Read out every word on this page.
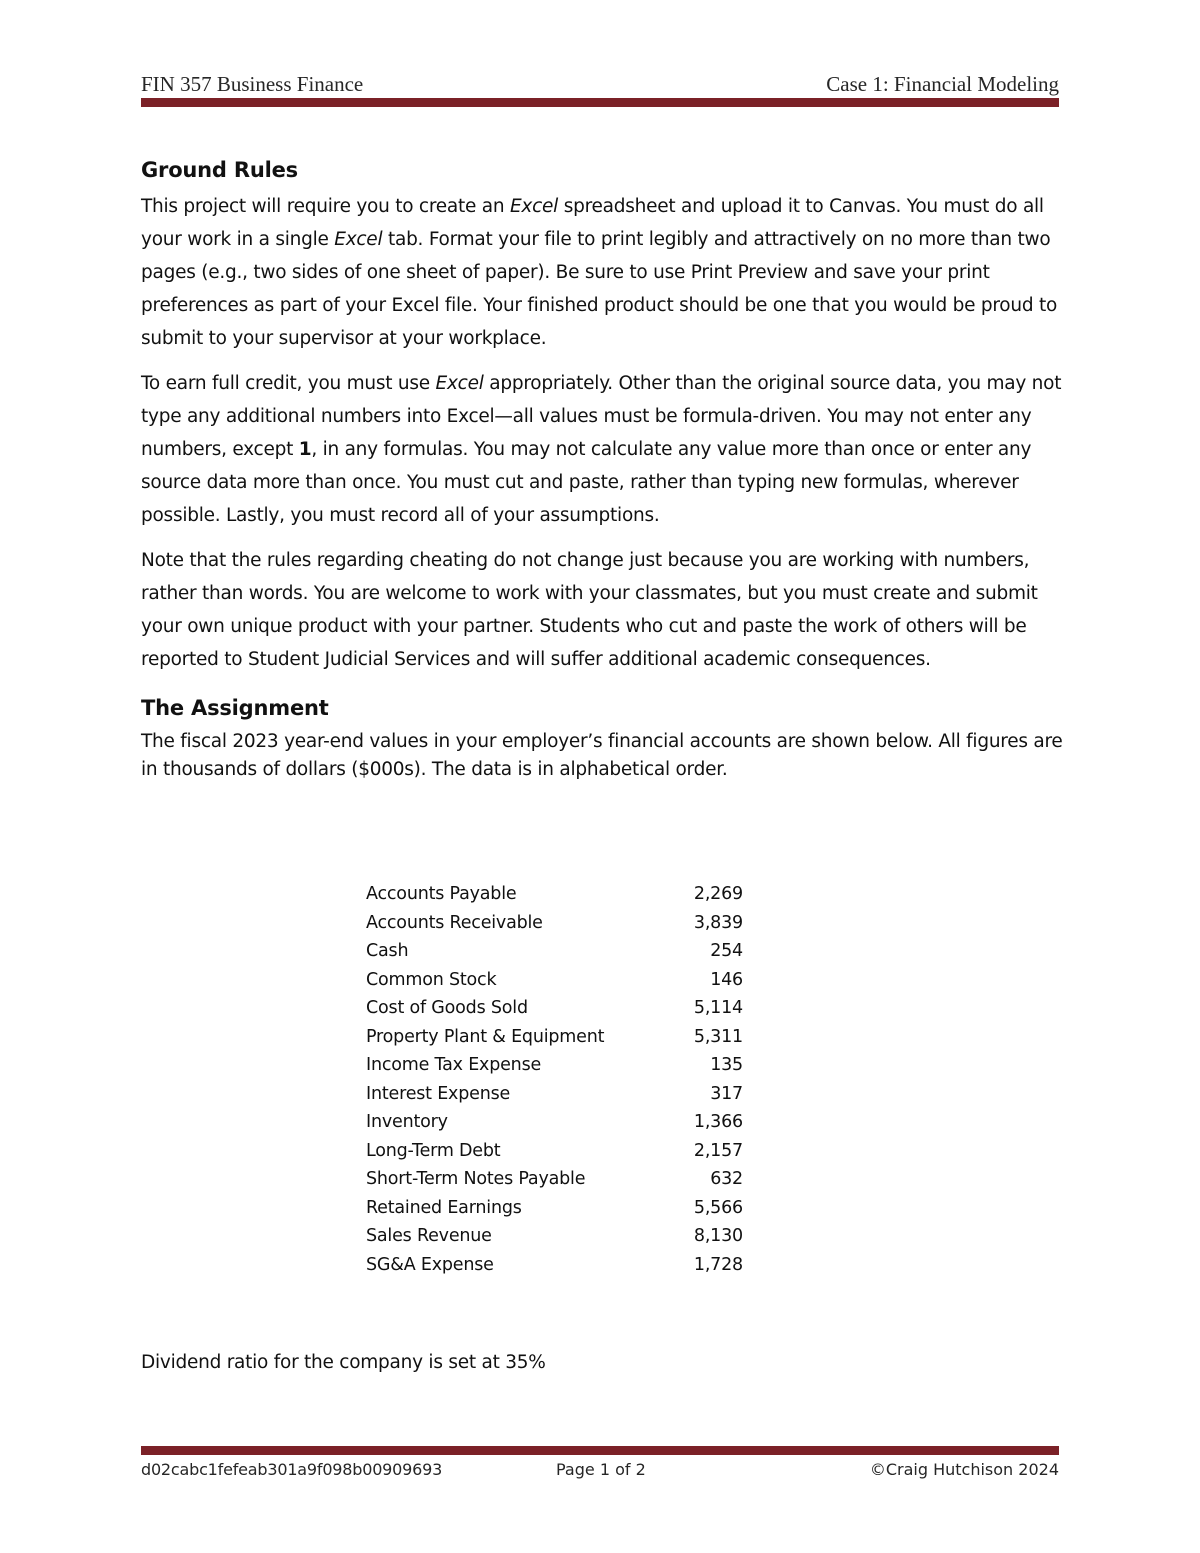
FIN 357 Business Finance	Case 1: Financial Modeling
Ground Rules

This project will require you to create an Excel spreadsheet and upload it to Canvas. You must do all your work in a single Excel tab. Format your file to print legibly and attractively on no more than two pages (e.g., two sides of one sheet of paper). Be sure to use Print Preview and save your print preferences as part of your Excel file. Your finished product should be one that you would be proud to submit to your supervisor at your workplace.

To earn full credit, you must use Excel appropriately. Other than the original source data, you may not type any additional numbers into Excel—all values must be formula-driven. You may not enter any numbers, except 1, in any formulas. You may not calculate any value more than once or enter any source data more than once. You must cut and paste, rather than typing new formulas, wherever possible. Lastly, you must record all of your assumptions.

Note that the rules regarding cheating do not change just because you are working with numbers, rather than words. You are welcome to work with your classmates, but you must create and submit your own unique product with your partner. Students who cut and paste the work of others will be reported to Student Judicial Services and will suffer additional academic consequences.

The Assignment

The fiscal 2023 year-end values in your employer’s financial accounts are shown below. All figures are in thousands of dollars ($000s). The data is in alphabetical order.

Accounts Payable	2,269
Accounts Receivable	3,839
Cash	254
Common Stock	146
Cost of Goods Sold	5,114
Property Plant & Equipment	5,311
Income Tax Expense	135
Interest Expense	317
Inventory	1,366
Long-Term Debt	2,157
Short-Term Notes Payable	632
Retained Earnings	5,566
Sales Revenue	8,130
SG&A Expense	1,728
Dividend ratio for the company is set at 35%
d02cabc1fefeab301a9f098b00909693	Page 1 of 2	©Craig Hutchison 2024
